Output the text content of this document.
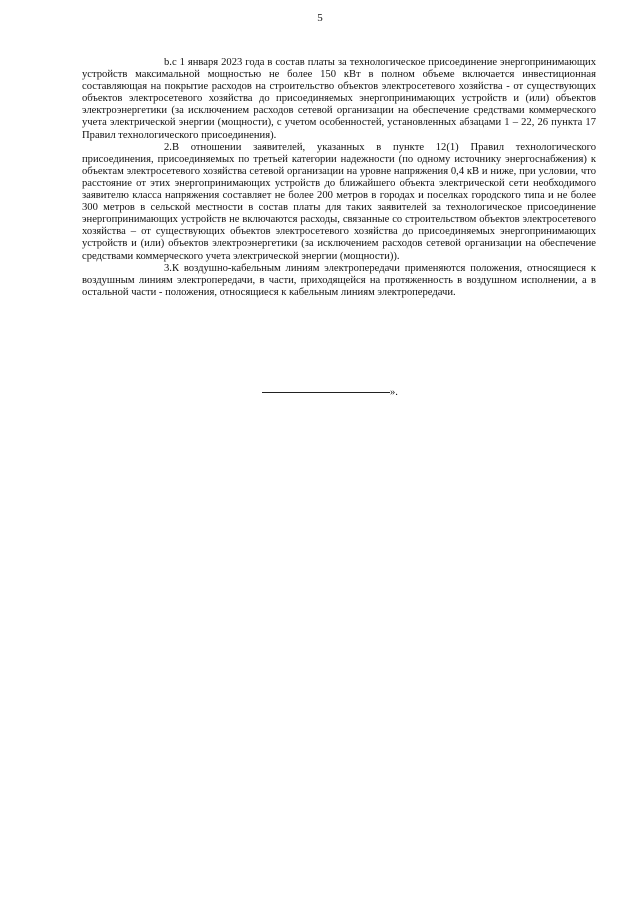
5

b.с 1 января 2023 года в состав платы за технологическое присоединение энергопринимающих устройств максимальной мощностью не более 150 кВт в полном объеме включается инвестиционная составляющая на покрытие расходов на строительство объектов электросетевого хозяйства - от существующих объектов электросетевого хозяйства до присоединяемых энергопринимающих устройств и (или) объектов электроэнергетики (за исключением расходов сетевой организации на обеспечение средствами коммерческого учета электрической энергии (мощности), с учетом особенностей, установленных абзацами 1 – 22, 26 пункта 17 Правил технологического присоединения).

2.В отношении заявителей, указанных в пункте 12(1) Правил технологического присоединения, присоединяемых по третьей категории надежности (по одному источнику энергоснабжения) к объектам электросетевого хозяйства сетевой организации на уровне напряжения 0,4 кВ и ниже, при условии, что расстояние от этих энергопринимающих устройств до ближайшего объекта электрической сети необходимого заявителю класса напряжения составляет не более 200 метров в городах и поселках городского типа и не более 300 метров в сельской местности в состав платы для таких заявителей за технологическое присоединение энергопринимающих устройств не включаются расходы, связанные со строительством объектов электросетевого хозяйства – от существующих объектов электросетевого хозяйства до присоединяемых энергопринимающих устройств и (или) объектов электроэнергетики (за исключением расходов сетевой организации на обеспечение средствами коммерческого учета электрической энергии (мощности)).

3.К воздушно-кабельным линиям электропередачи применяются положения, относящиеся к воздушным линиям электропередачи, в части, приходящейся на протяженность в воздушном исполнении, а в остальной части - положения, относящиеся к кабельным линиям электропередачи.

».
